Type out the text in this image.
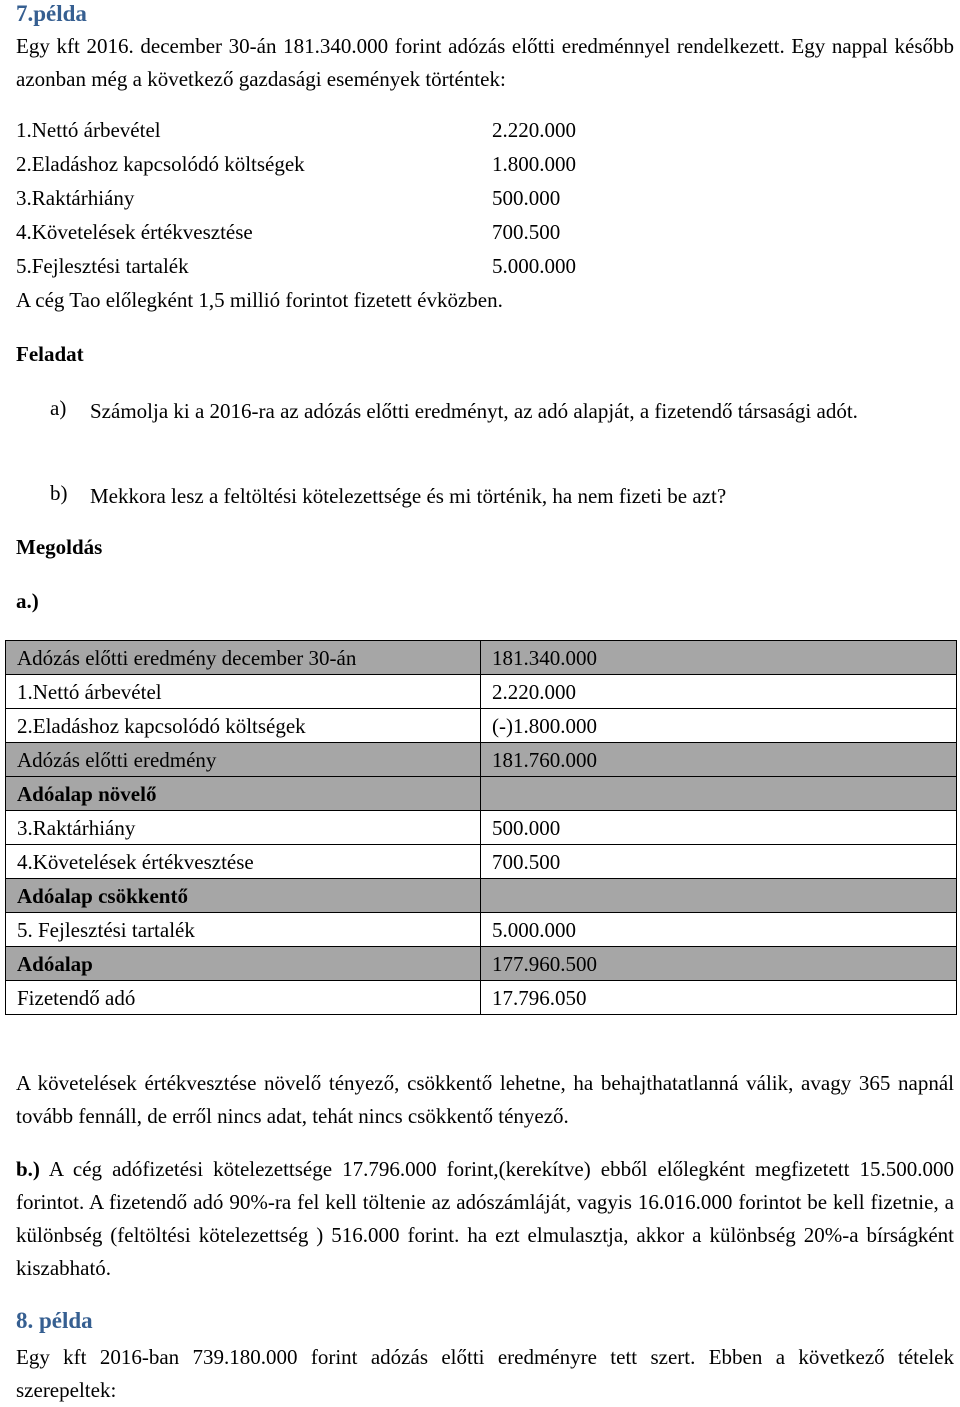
7.példa
Egy kft 2016. december 30-án 181.340.000 forint adózás előtti eredménnyel rendelkezett. Egy nappal később azonban még a következő gazdasági események történtek:
1.Nettó árbevétel	2.220.000
2.Eladáshoz kapcsolódó költségek	1.800.000
3.Raktárhiány	500.000
4.Követelések értékvesztése	700.500
5.Fejlesztési tartalék	5.000.000
A cég Tao előlegként 1,5 millió forintot fizetett évközben.
Feladat
a) Számolja ki a 2016-ra az adózás előtti eredményt, az adó alapját, a fizetendő társasági adót.
b) Mekkora lesz a feltöltési kötelezettsége és mi történik, ha nem fizeti be azt?
Megoldás
a.)
Adózás előtti eredmény december 30-án	181.340.000
1.Nettó árbevétel	2.220.000
2.Eladáshoz kapcsolódó költségek	(-)1.800.000
Adózás előtti eredmény	181.760.000
Adóalap növelő	
3.Raktárhiány	500.000
4.Követelések értékvesztése	700.500
Adóalap csökkentő	
5. Fejlesztési tartalék	5.000.000
Adóalap	177.960.500
Fizetendő adó	17.796.050
A követelések értékvesztése növelő tényező, csökkentő lehetne, ha behajthatatlanná válik, avagy 365 napnál tovább fennáll, de erről nincs adat, tehát nincs csökkentő tényező.
b.) A cég adófizetési kötelezettsége 17.796.000 forint,(kerekítve) ebből előlegként megfizetett 15.500.000 forintot. A fizetendő adó 90%-ra fel kell töltenie az adószámláját, vagyis 16.016.000 forintot be kell fizetnie, a különbség (feltöltési kötelezettség ) 516.000 forint. ha ezt elmulasztja, akkor a különbség 20%-a bírságként kiszabható.
8. példa
Egy kft 2016-ban 739.180.000 forint adózás előtti eredményre tett szert. Ebben a következő tételek szerepeltek:
